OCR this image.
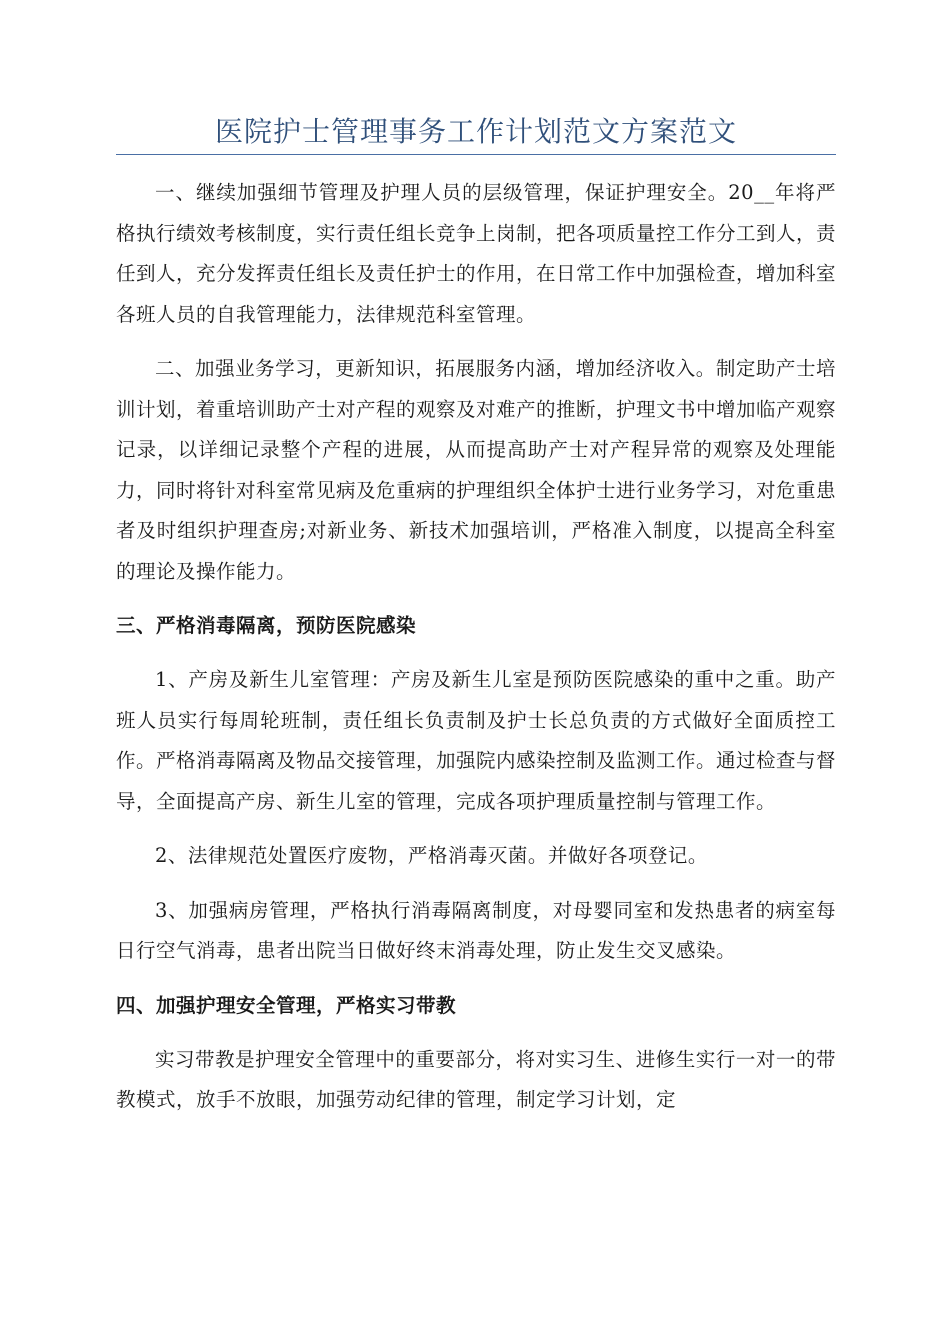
医院护士管理事务工作计划范文方案范文

一、继续加强细节管理及护理人员的层级管理，保证护理安全。20__年将严格执行绩效考核制度，实行责任组长竞争上岗制，把各项质量控工作分工到人，责任到人，充分发挥责任组长及责任护士的作用，在日常工作中加强检查，增加科室各班人员的自我管理能力，法律规范科室管理。

二、加强业务学习，更新知识，拓展服务内涵，增加经济收入。制定助产士培训计划，着重培训助产士对产程的观察及对难产的推断，护理文书中增加临产观察记录，以详细记录整个产程的进展，从而提高助产士对产程异常的观察及处理能力，同时将针对科室常见病及危重病的护理组织全体护士进行业务学习，对危重患者及时组织护理查房;对新业务、新技术加强培训，严格准入制度，以提高全科室的理论及操作能力。

三、严格消毒隔离，预防医院感染

1、产房及新生儿室管理：产房及新生儿室是预防医院感染的重中之重。助产班人员实行每周轮班制，责任组长负责制及护士长总负责的方式做好全面质控工作。严格消毒隔离及物品交接管理，加强院内感染控制及监测工作。通过检查与督导，全面提高产房、新生儿室的管理，完成各项护理质量控制与管理工作。

2、法律规范处置医疗废物，严格消毒灭菌。并做好各项登记。

3、加强病房管理，严格执行消毒隔离制度，对母婴同室和发热患者的病室每日行空气消毒，患者出院当日做好终末消毒处理，防止发生交叉感染。

四、加强护理安全管理，严格实习带教

实习带教是护理安全管理中的重要部分，将对实习生、进修生实行一对一的带教模式，放手不放眼，加强劳动纪律的管理，制定学习计划，定
